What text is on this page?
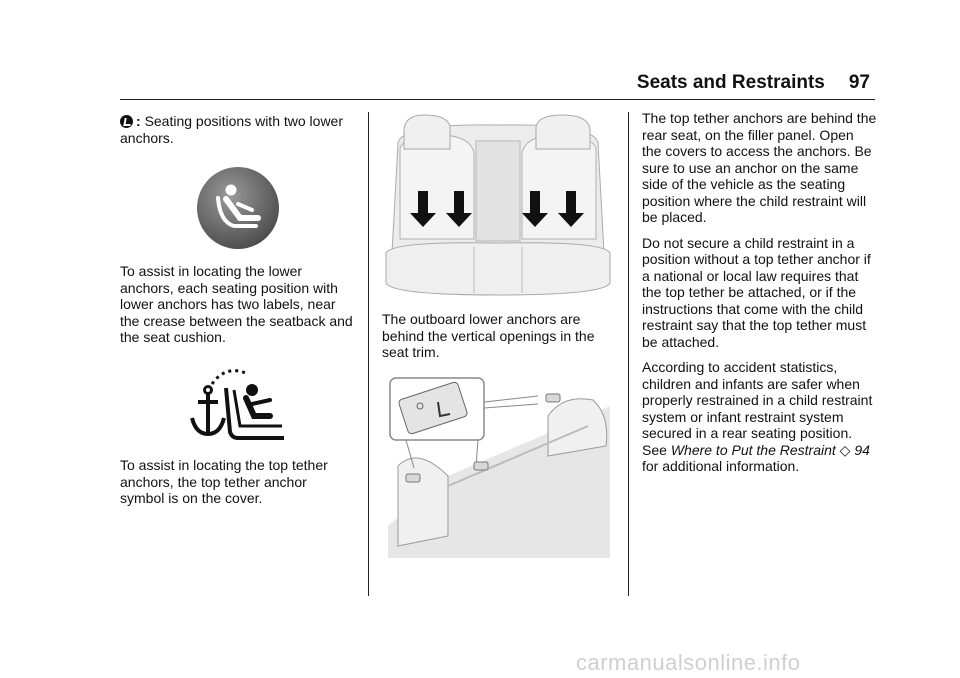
Seats and Restraints 97

: Seating positions with two lower anchors.

To assist in locating the lower anchors, each seating position with lower anchors has two labels, near the crease between the seatback and the seat cushion.

To assist in locating the top tether anchors, the top tether anchor symbol is on the cover.

The outboard lower anchors are behind the vertical openings in the seat trim.

The top tether anchors are behind the rear seat, on the filler panel. Open the covers to access the anchors. Be sure to use an anchor on the same side of the vehicle as the seating position where the child restraint will be placed.

Do not secure a child restraint in a position without a top tether anchor if a national or local law requires that the top tether be attached, or if the instructions that come with the child restraint say that the top tether must be attached.

According to accident statistics, children and infants are safer when properly restrained in a child restraint system or infant restraint system secured in a rear seating position. See Where to Put the Restraint ◇ 94 for additional information.

carmanualsonline.info
